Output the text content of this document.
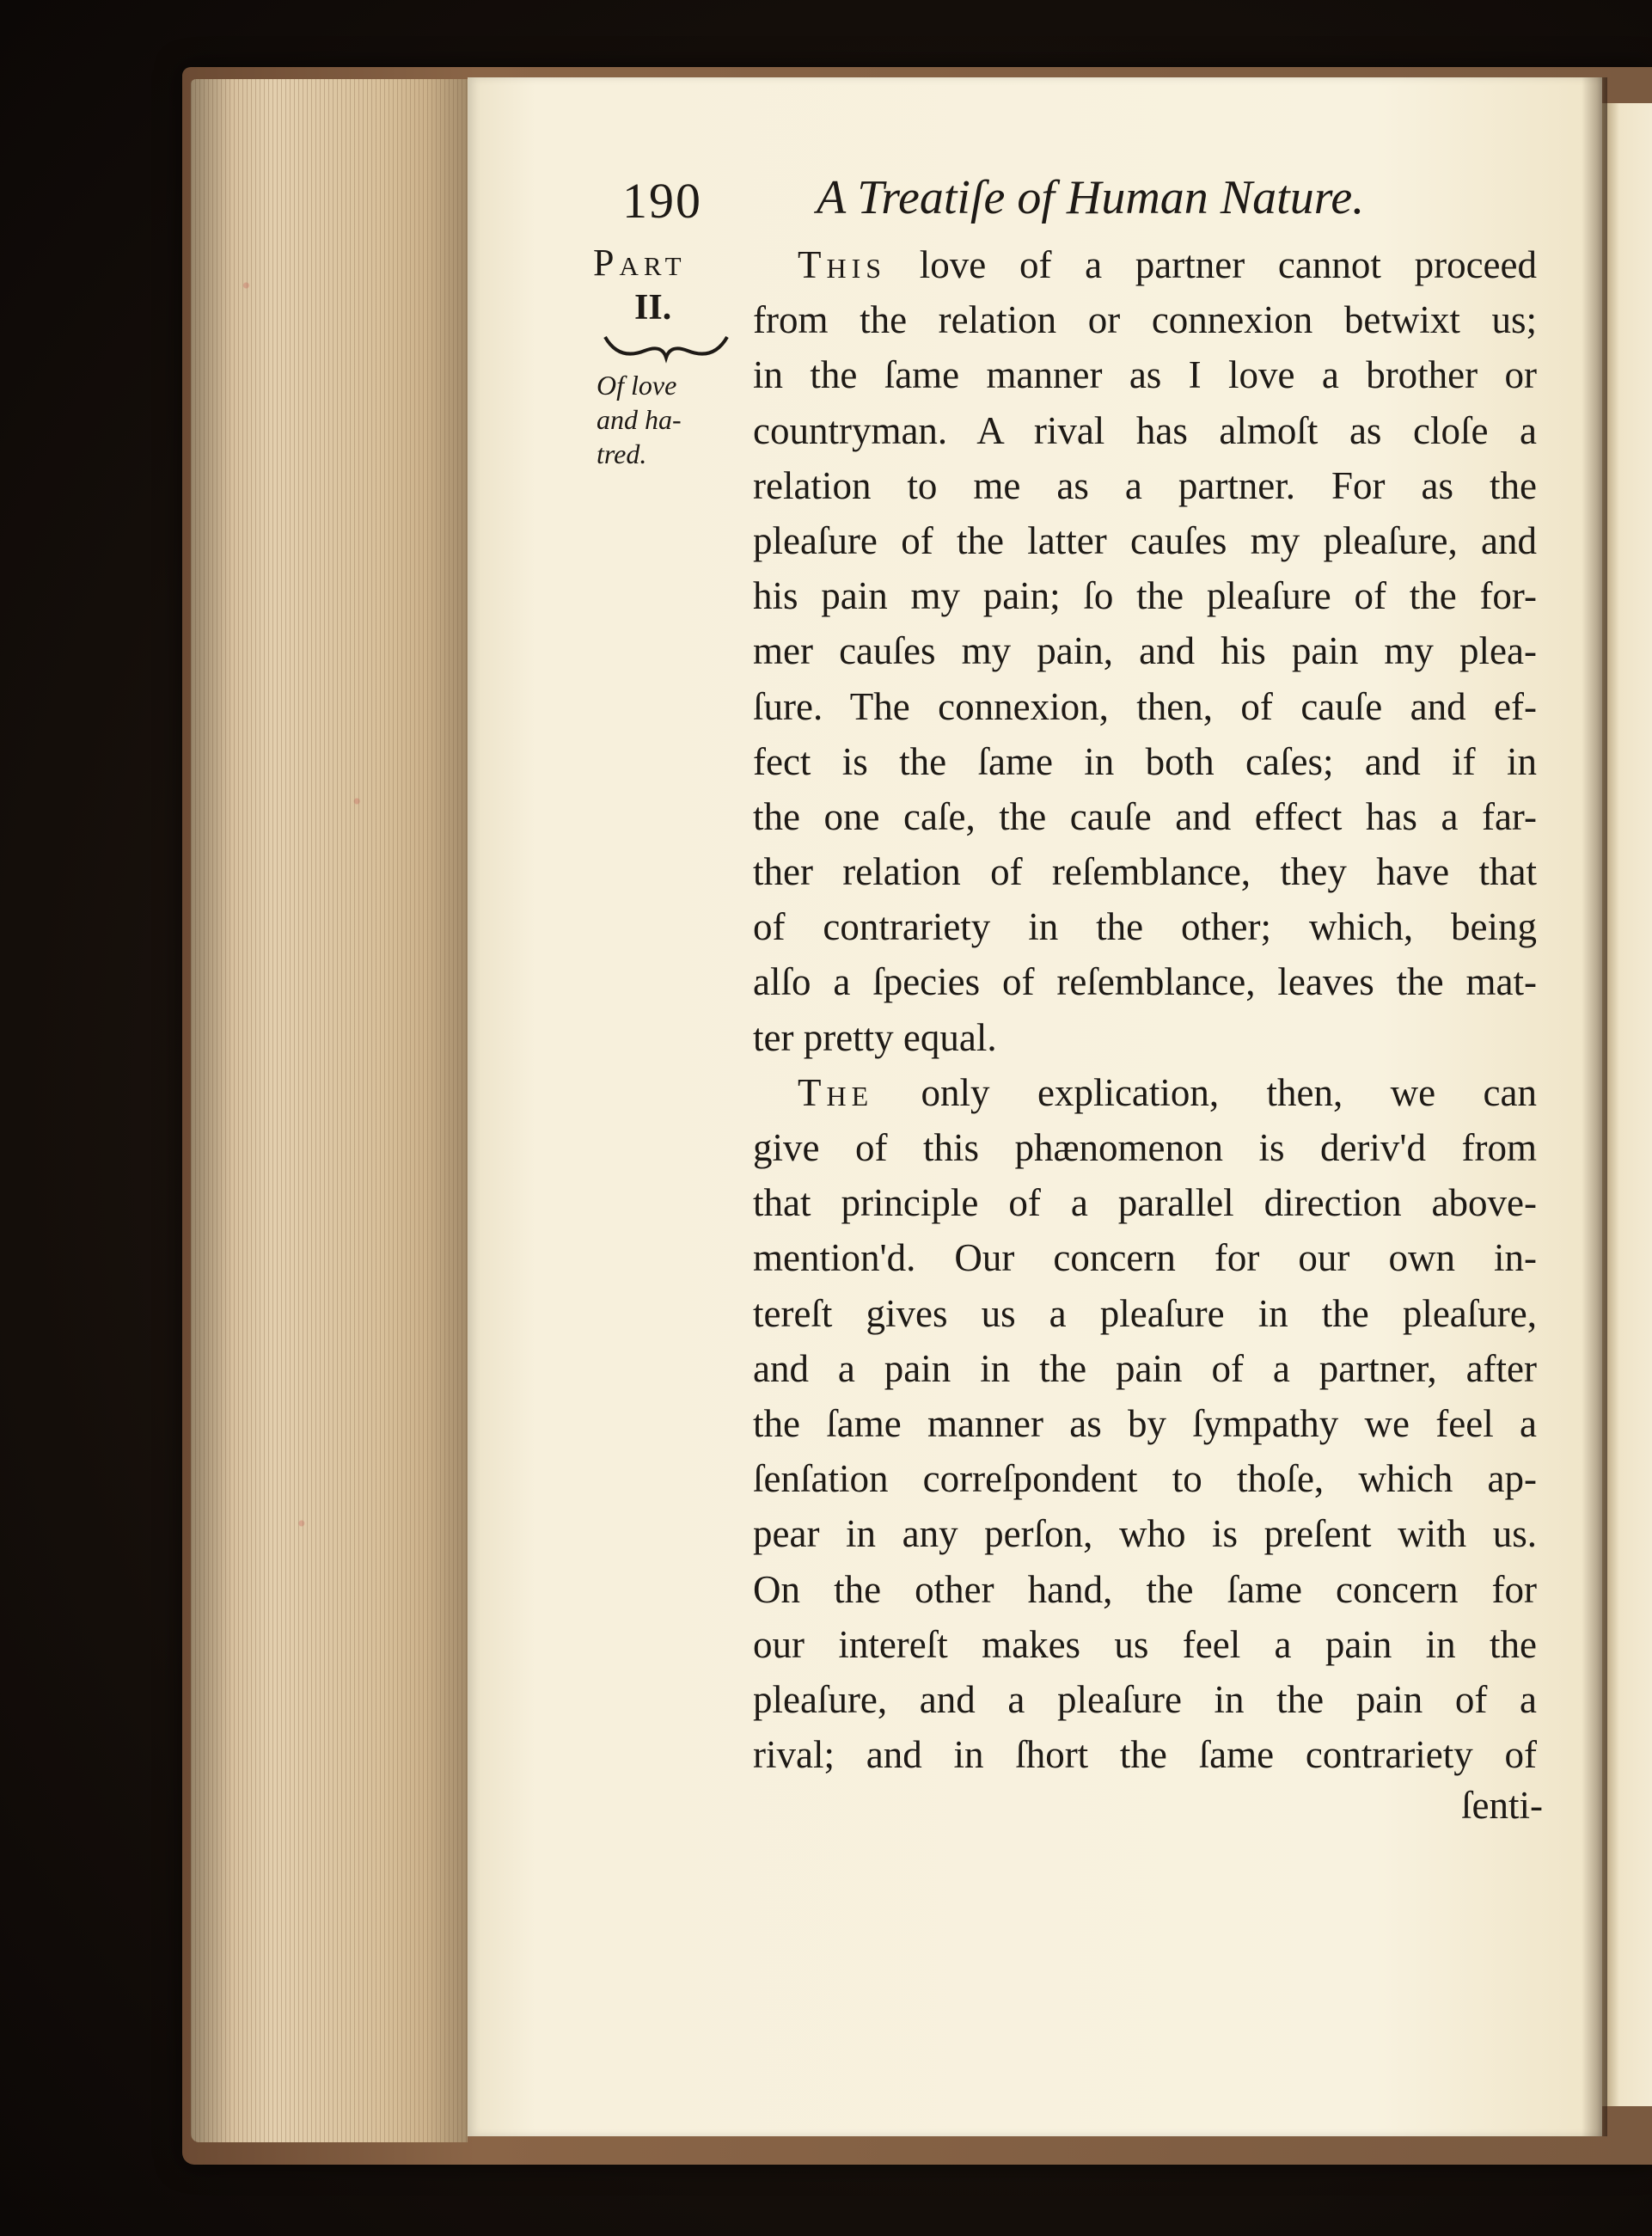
190 A Treatiſe of Human Nature.
Part
II.
Of love
and ha-
tred.
This love of a partner cannot proceed
from the relation or connexion betwixt us;
in the ſame manner as I love a brother or
countryman. A rival has almoſt as cloſe a
relation to me as a partner. For as the
pleaſure of the latter cauſes my pleaſure, and
his pain my pain; ſo the pleaſure of the for-
mer cauſes my pain, and his pain my plea-
ſure. The connexion, then, of cauſe and ef-
fect is the ſame in both caſes; and if in
the one caſe, the cauſe and effect has a far-
ther relation of reſemblance, they have that
of contrariety in the other; which, being
alſo a ſpecies of reſemblance, leaves the mat-
ter pretty equal.
The only explication, then, we can
give of this phænomenon is deriv'd from
that principle of a parallel direction above-
mention'd. Our concern for our own in-
tereſt gives us a pleaſure in the pleaſure,
and a pain in the pain of a partner, after
the ſame manner as by ſympathy we feel a
ſenſation correſpondent to thoſe, which ap-
pear in any perſon, who is preſent with us.
On the other hand, the ſame concern for
our intereſt makes us feel a pain in the
pleaſure, and a pleaſure in the pain of a
rival; and in ſhort the ſame contrariety of
ſenti-
